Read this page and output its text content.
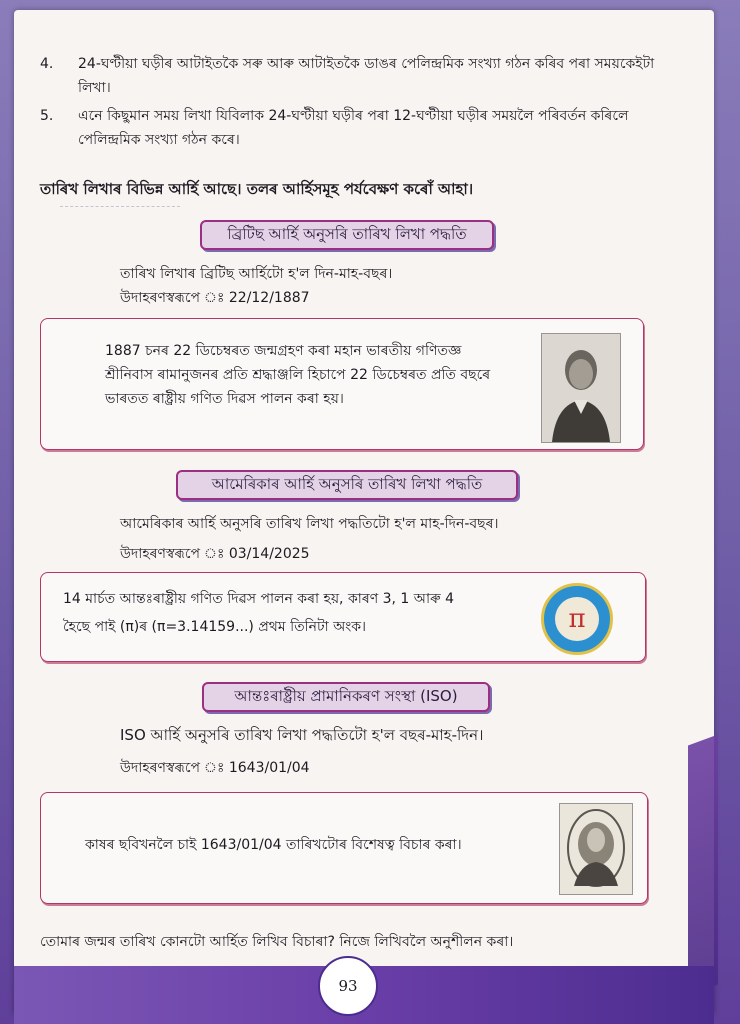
4.	24-ঘণ্টীয়া ঘড়ীৰ আটাইতকৈ সৰু আৰু আটাইতকৈ ডাঙৰ পেলিন্দ্ৰমিক সংখ্যা গঠন কৰিব পৰা সময়কেইটা লিখা।
5.	এনে কিছুমান সময় লিখা যিবিলাক 24-ঘণ্টীয়া ঘড়ীৰ পৰা 12-ঘণ্টীয়া ঘড়ীৰ সময়লৈ পৰিবৰ্তন কৰিলে পেলিন্দ্ৰমিক সংখ্যা গঠন কৰে।
তাৰিখ লিখাৰ বিভিন্ন আৰ্হি আছে। তলৰ আৰ্হিসমূহ পৰ্যবেক্ষণ কৰোঁ আহা।
ব্ৰিটিছ আৰ্হি অনুসৰি তাৰিখ লিখা পদ্ধতি
তাৰিখ লিখাৰ ব্ৰিটিছ আৰ্হিটো হ'ল দিন-মাহ-বছৰ।
উদাহৰণস্বৰূপে ঃ 22/12/1887
1887 চনৰ 22 ডিচেম্বৰত জন্মগ্ৰহণ কৰা মহান ভাৰতীয় গণিতজ্ঞ শ্ৰীনিবাস ৰামানুজনৰ প্ৰতি শ্ৰদ্ধাঞ্জলি হিচাপে 22 ডিচেম্বৰত প্ৰতি বছৰে ভাৰতত ৰাষ্ট্ৰীয় গণিত দিৱস পালন কৰা হয়।
আমেৰিকাৰ আৰ্হি অনুসৰি তাৰিখ লিখা পদ্ধতি
আমেৰিকাৰ আৰ্হি অনুসৰি তাৰিখ লিখা পদ্ধতিটো হ'ল মাহ-দিন-বছৰ।
উদাহৰণস্বৰূপে ঃ 03/14/2025
14 মাৰ্চত আন্তঃৰাষ্ট্ৰীয় গণিত দিৱস পালন কৰা হয়, কাৰণ 3, 1 আৰু 4
হৈছে পাই (π)ৰ (π=3.14159...) প্ৰথম তিনিটা অংক।	π
আন্তঃৰাষ্ট্ৰীয় প্ৰামানিকৰণ সংস্থা (ISO)
ISO আৰ্হি অনুসৰি তাৰিখ লিখা পদ্ধতিটো হ'ল বছৰ-মাহ-দিন।
উদাহৰণস্বৰূপে ঃ 1643/01/04
কাষৰ ছবিখনলৈ চাই 1643/01/04 তাৰিখটোৰ বিশেষত্ব বিচাৰ কৰা।
তোমাৰ জন্মৰ তাৰিখ কোনটো আৰ্হিত লিখিব বিচাৰা? নিজে লিখিবলৈ অনুশীলন কৰা।
93
